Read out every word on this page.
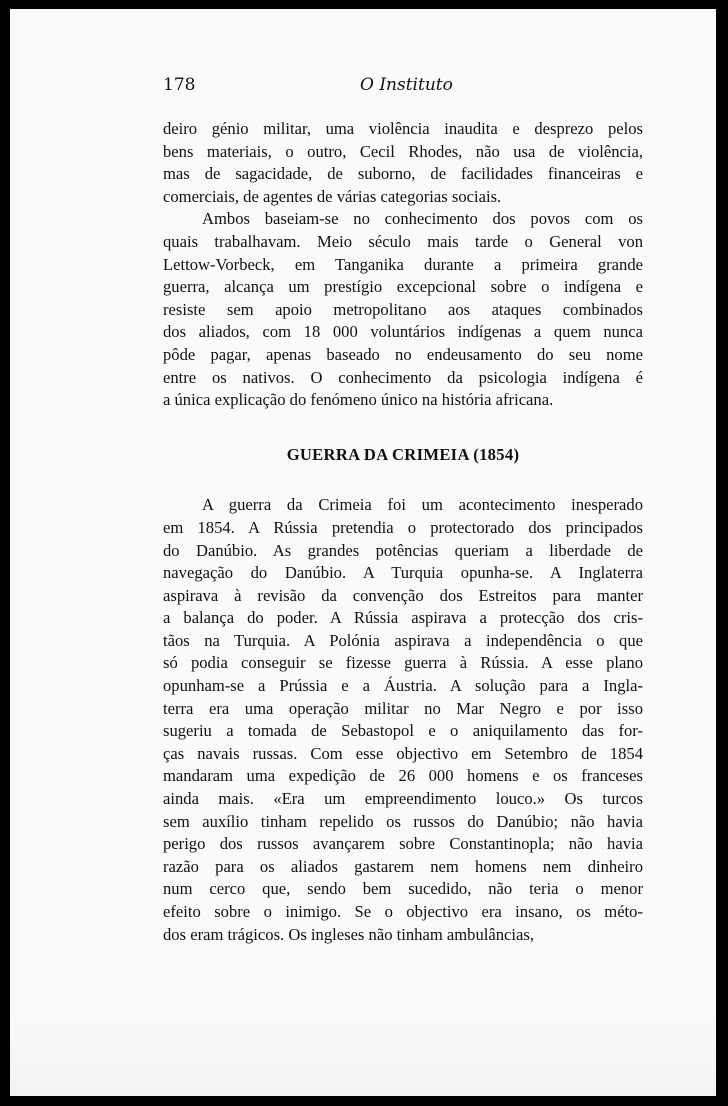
178	O Instituto

deiro génio militar, uma violência inaudita e desprezo pelos
bens materiais, o outro, Cecil Rhodes, não usa de violência,
mas de sagacidade, de suborno, de facilidades financeiras e
comerciais, de agentes de várias categorias sociais.

Ambos baseiam-se no conhecimento dos povos com os
quais trabalhavam. Meio século mais tarde o General von
Lettow-Vorbeck, em Tanganika durante a primeira grande
guerra, alcança um prestígio excepcional sobre o indígena e
resiste sem apoio metropolitano aos ataques combinados
dos aliados, com 18 000 voluntários indígenas a quem nunca
pôde pagar, apenas baseado no endeusamento do seu nome
entre os nativos. O conhecimento da psicologia indígena é
a única explicação do fenómeno único na história africana.

GUERRA DA CRIMEIA (1854)

A guerra da Crimeia foi um acontecimento inesperado
em 1854. A Rússia pretendia o protectorado dos principados
do Danúbio. As grandes potências queriam a liberdade de
navegação do Danúbio. A Turquia opunha-se. A Inglaterra
aspirava à revisão da convenção dos Estreitos para manter
a balança do poder. A Rússia aspirava a protecção dos cris-
tãos na Turquia. A Polónia aspirava a independência o que
só podia conseguir se fizesse guerra à Rússia. A esse plano
opunham-se a Prússia e a Áustria. A solução para a Ingla-
terra era uma operação militar no Mar Negro e por isso
sugeriu a tomada de Sebastopol e o aniquilamento das for-
ças navais russas. Com esse objectivo em Setembro de 1854
mandaram uma expedição de 26 000 homens e os franceses
ainda mais. «Era um empreendimento louco.» Os turcos
sem auxílio tinham repelido os russos do Danúbio; não havia
perigo dos russos avançarem sobre Constantinopla; não havia
razão para os aliados gastarem nem homens nem dinheiro
num cerco que, sendo bem sucedido, não teria o menor
efeito sobre o inimigo. Se o objectivo era insano, os méto-
dos eram trágicos. Os ingleses não tinham ambulâncias,
